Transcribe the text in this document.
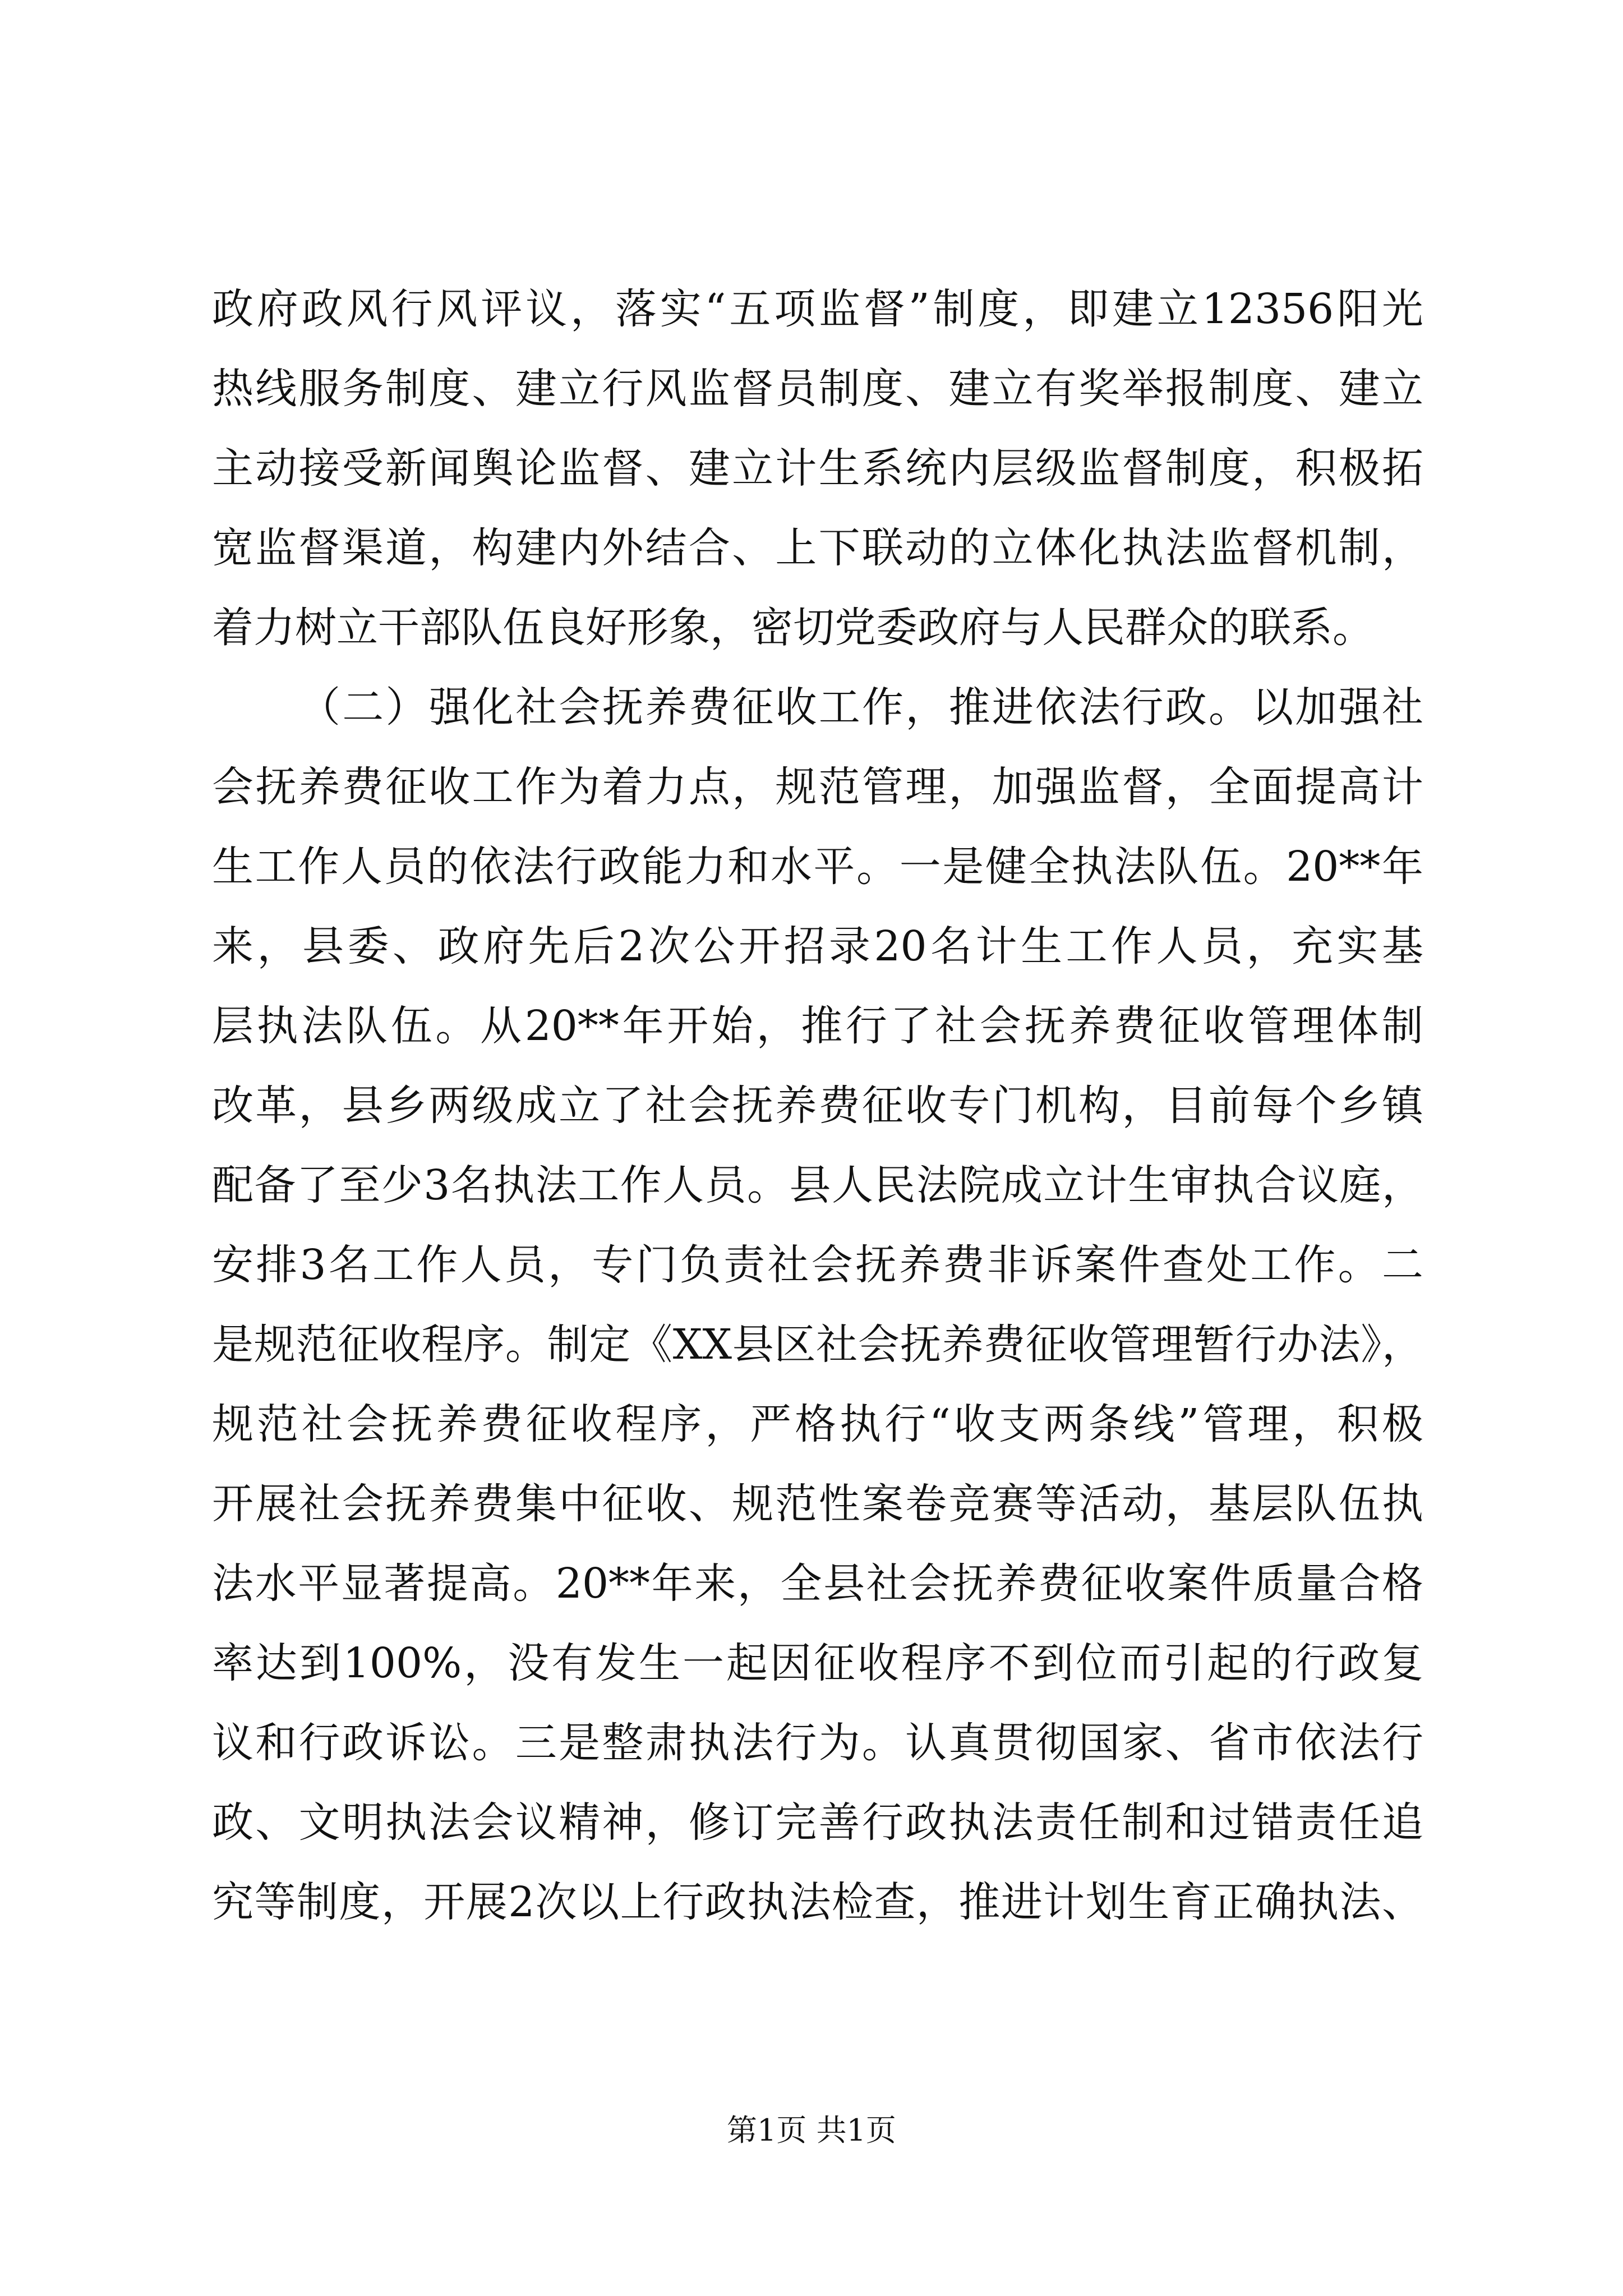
政府政风行风评议，落实“五项监督”制度，即建立12356阳光
热线服务制度、建立行风监督员制度、建立有奖举报制度、建立
主动接受新闻舆论监督、建立计生系统内层级监督制度，积极拓
宽监督渠道，构建内外结合、上下联动的立体化执法监督机制，
着力树立干部队伍良好形象，密切党委政府与人民群众的联系。
（二）强化社会抚养费征收工作，推进依法行政。以加强社
会抚养费征收工作为着力点，规范管理，加强监督，全面提高计
生工作人员的依法行政能力和水平。一是健全执法队伍。20**年
来，县委、政府先后2次公开招录20名计生工作人员，充实基
层执法队伍。从20**年开始，推行了社会抚养费征收管理体制
改革，县乡两级成立了社会抚养费征收专门机构，目前每个乡镇
配备了至少3名执法工作人员。县人民法院成立计生审执合议庭，
安排3名工作人员，专门负责社会抚养费非诉案件查处工作。二
是规范征收程序。制定《XX县区社会抚养费征收管理暂行办法》，
规范社会抚养费征收程序，严格执行“收支两条线”管理，积极
开展社会抚养费集中征收、规范性案卷竞赛等活动，基层队伍执
法水平显著提高。20**年来，全县社会抚养费征收案件质量合格
率达到100%，没有发生一起因征收程序不到位而引起的行政复
议和行政诉讼。三是整肃执法行为。认真贯彻国家、省市依法行
政、文明执法会议精神，修订完善行政执法责任制和过错责任追
究等制度，开展2次以上行政执法检查，推进计划生育正确执法、
第1页 共1页
